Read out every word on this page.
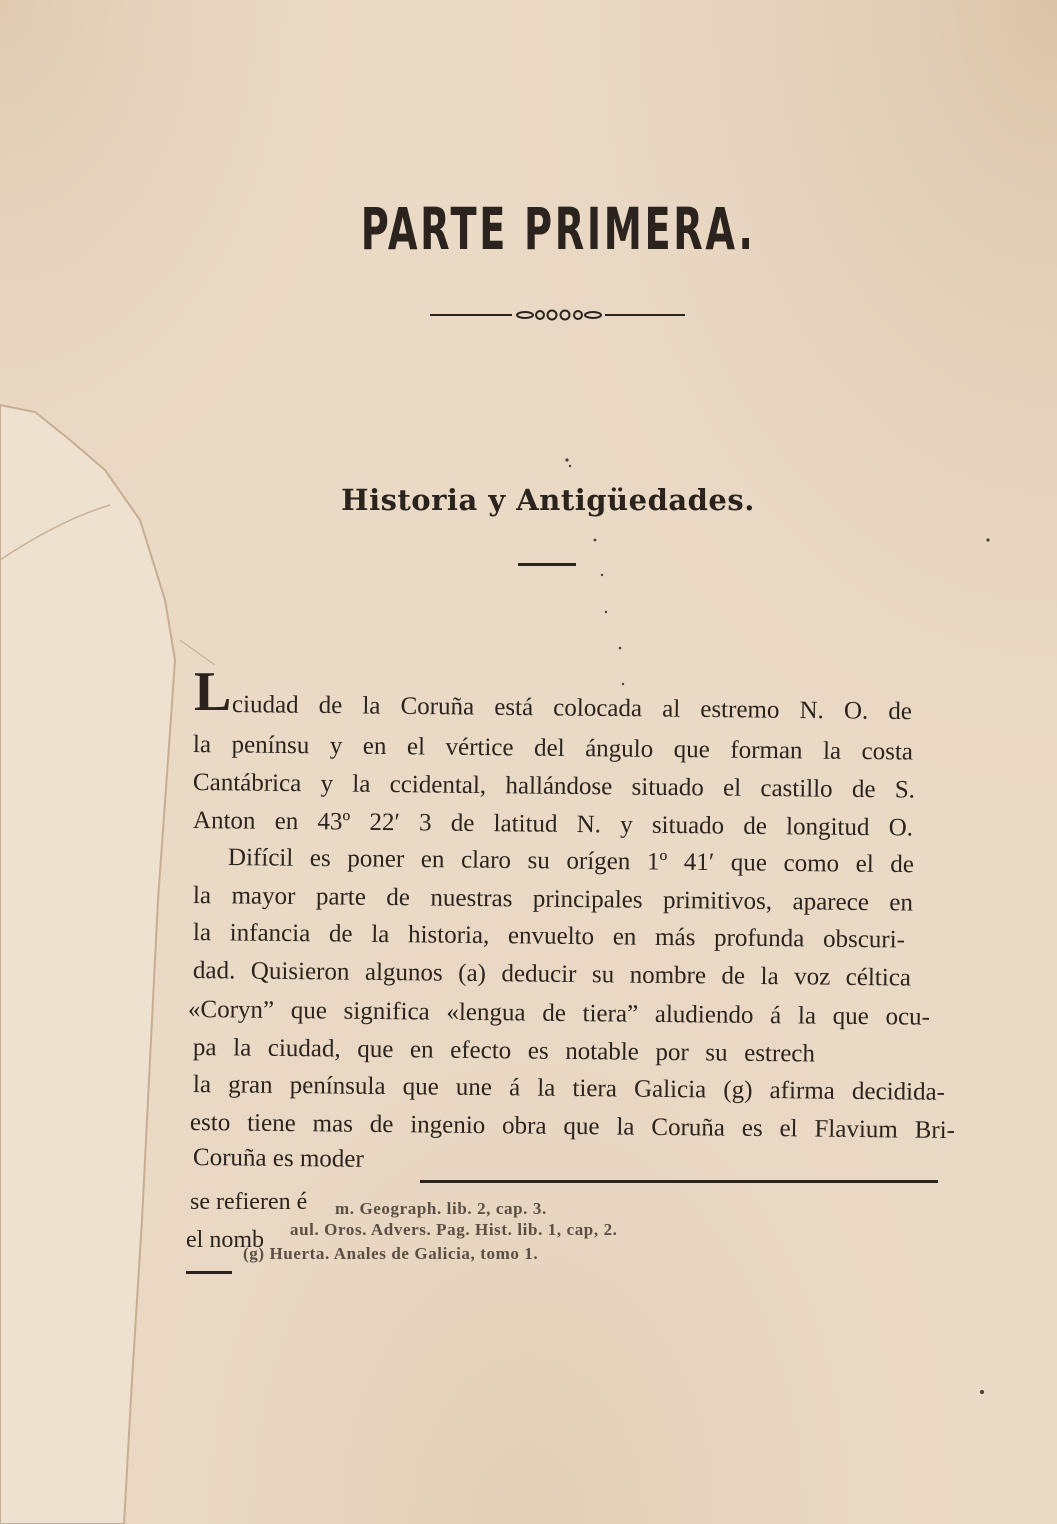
PARTE PRIMERA.
Historia y Antigüedades.
L ciudad de la Coruña está colocada al estremo N. O. de
la penínsu y en el vértice del ángulo que forman la costa
Cantábrica y la ccidental, hallándose situado el castillo de S.
Anton en 43º 22′ 3 de latitud N. y situado de longitud O.
Difícil es poner en claro su orígen 1º 41′ que como el de
la mayor parte de nuestras principales primitivos, aparece en
la infancia de la historia, envuelto en más profunda obscuri-
dad. Quisieron algunos (a) deducir su nombre de la voz céltica
«Coryn” que significa «lengua de tiera” aludiendo á la que ocu-
pa la ciudad, que en efecto es notable por su estrech
la gran península que une á la tiera Galicia (g) afirma decidida-
esto tiene mas de ingenio obra que la Coruña es el Flavium Bri-
Coruña es moder
se refieren é m. Geograph. lib. 2, cap. 3.
el nomb aul. Oros. Advers. Pag. Hist. lib. 1, cap, 2.
(g) Huerta. Anales de Galicia, tomo 1.
